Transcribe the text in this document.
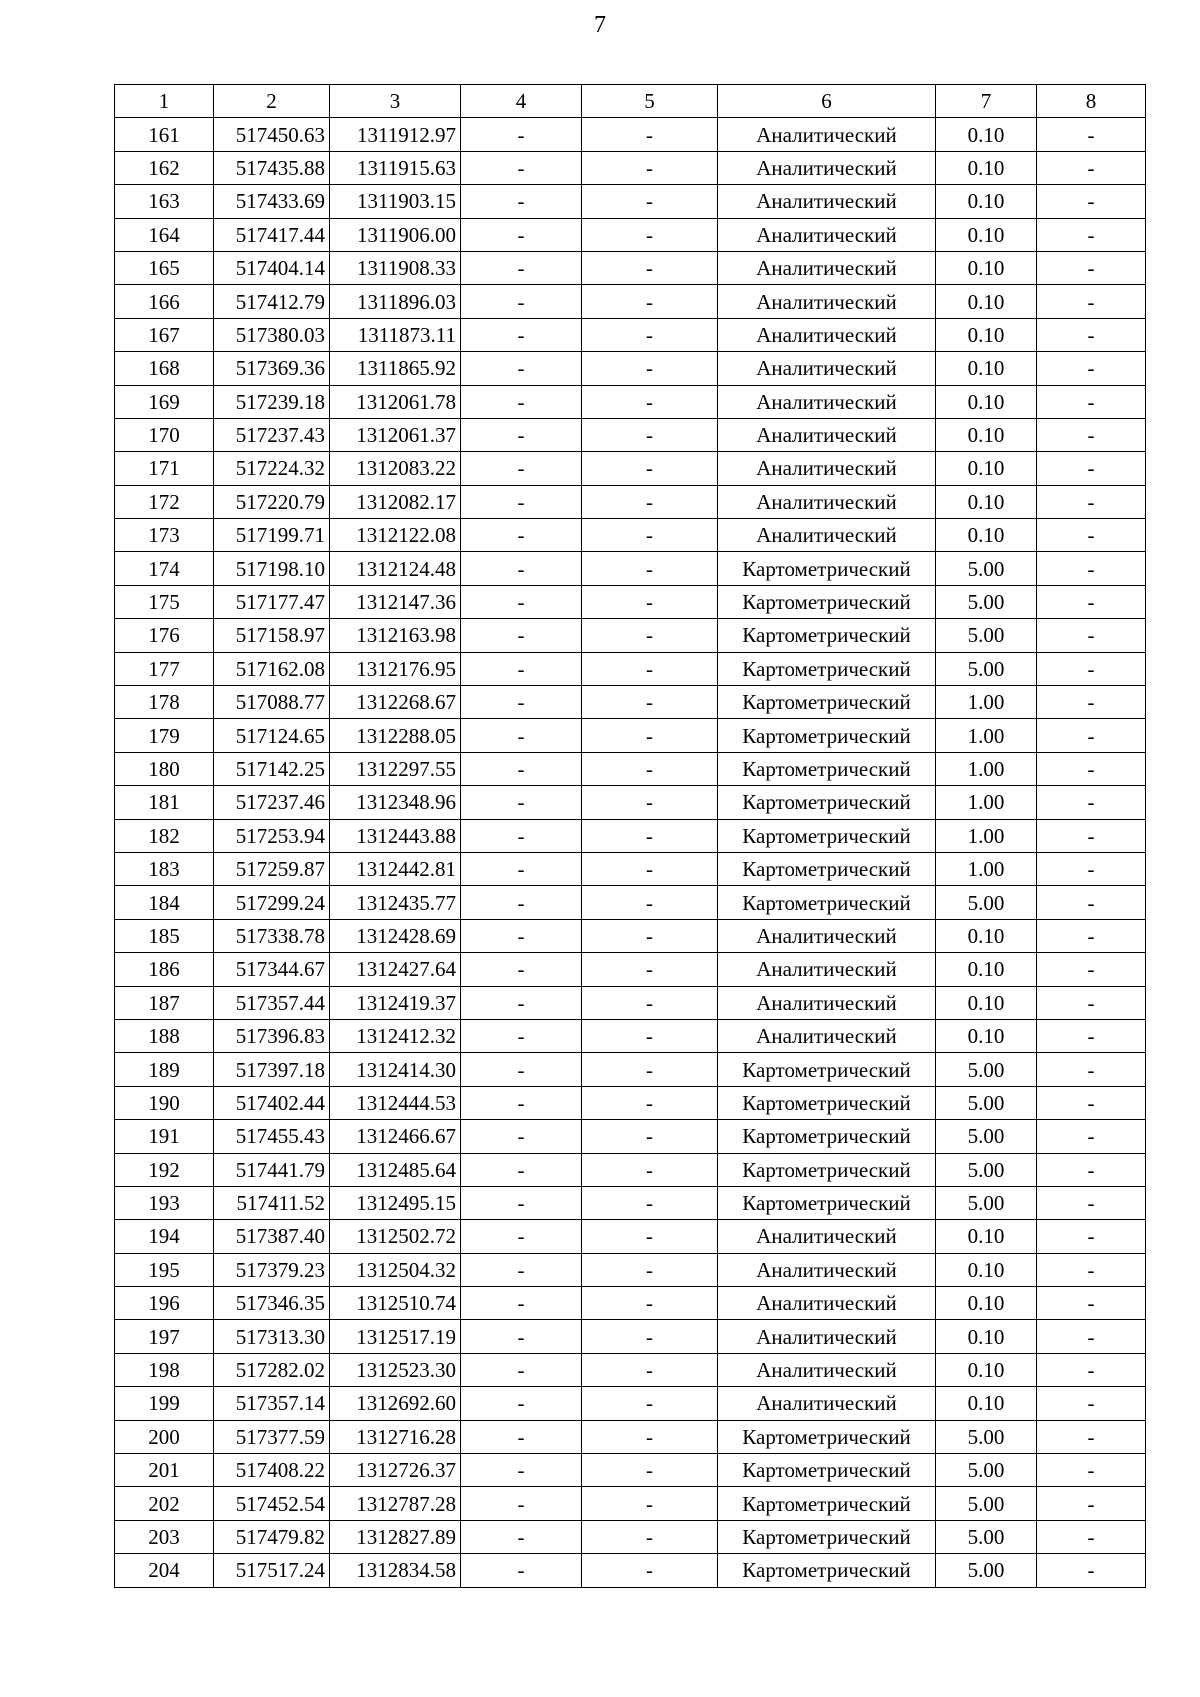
7
1	2	3	4	5	6	7	8
161	517450.63	1311912.97	-	-	Аналитический	0.10	-
162	517435.88	1311915.63	-	-	Аналитический	0.10	-
163	517433.69	1311903.15	-	-	Аналитический	0.10	-
164	517417.44	1311906.00	-	-	Аналитический	0.10	-
165	517404.14	1311908.33	-	-	Аналитический	0.10	-
166	517412.79	1311896.03	-	-	Аналитический	0.10	-
167	517380.03	1311873.11	-	-	Аналитический	0.10	-
168	517369.36	1311865.92	-	-	Аналитический	0.10	-
169	517239.18	1312061.78	-	-	Аналитический	0.10	-
170	517237.43	1312061.37	-	-	Аналитический	0.10	-
171	517224.32	1312083.22	-	-	Аналитический	0.10	-
172	517220.79	1312082.17	-	-	Аналитический	0.10	-
173	517199.71	1312122.08	-	-	Аналитический	0.10	-
174	517198.10	1312124.48	-	-	Картометрический	5.00	-
175	517177.47	1312147.36	-	-	Картометрический	5.00	-
176	517158.97	1312163.98	-	-	Картометрический	5.00	-
177	517162.08	1312176.95	-	-	Картометрический	5.00	-
178	517088.77	1312268.67	-	-	Картометрический	1.00	-
179	517124.65	1312288.05	-	-	Картометрический	1.00	-
180	517142.25	1312297.55	-	-	Картометрический	1.00	-
181	517237.46	1312348.96	-	-	Картометрический	1.00	-
182	517253.94	1312443.88	-	-	Картометрический	1.00	-
183	517259.87	1312442.81	-	-	Картометрический	1.00	-
184	517299.24	1312435.77	-	-	Картометрический	5.00	-
185	517338.78	1312428.69	-	-	Аналитический	0.10	-
186	517344.67	1312427.64	-	-	Аналитический	0.10	-
187	517357.44	1312419.37	-	-	Аналитический	0.10	-
188	517396.83	1312412.32	-	-	Аналитический	0.10	-
189	517397.18	1312414.30	-	-	Картометрический	5.00	-
190	517402.44	1312444.53	-	-	Картометрический	5.00	-
191	517455.43	1312466.67	-	-	Картометрический	5.00	-
192	517441.79	1312485.64	-	-	Картометрический	5.00	-
193	517411.52	1312495.15	-	-	Картометрический	5.00	-
194	517387.40	1312502.72	-	-	Аналитический	0.10	-
195	517379.23	1312504.32	-	-	Аналитический	0.10	-
196	517346.35	1312510.74	-	-	Аналитический	0.10	-
197	517313.30	1312517.19	-	-	Аналитический	0.10	-
198	517282.02	1312523.30	-	-	Аналитический	0.10	-
199	517357.14	1312692.60	-	-	Аналитический	0.10	-
200	517377.59	1312716.28	-	-	Картометрический	5.00	-
201	517408.22	1312726.37	-	-	Картометрический	5.00	-
202	517452.54	1312787.28	-	-	Картометрический	5.00	-
203	517479.82	1312827.89	-	-	Картометрический	5.00	-
204	517517.24	1312834.58	-	-	Картометрический	5.00	-
